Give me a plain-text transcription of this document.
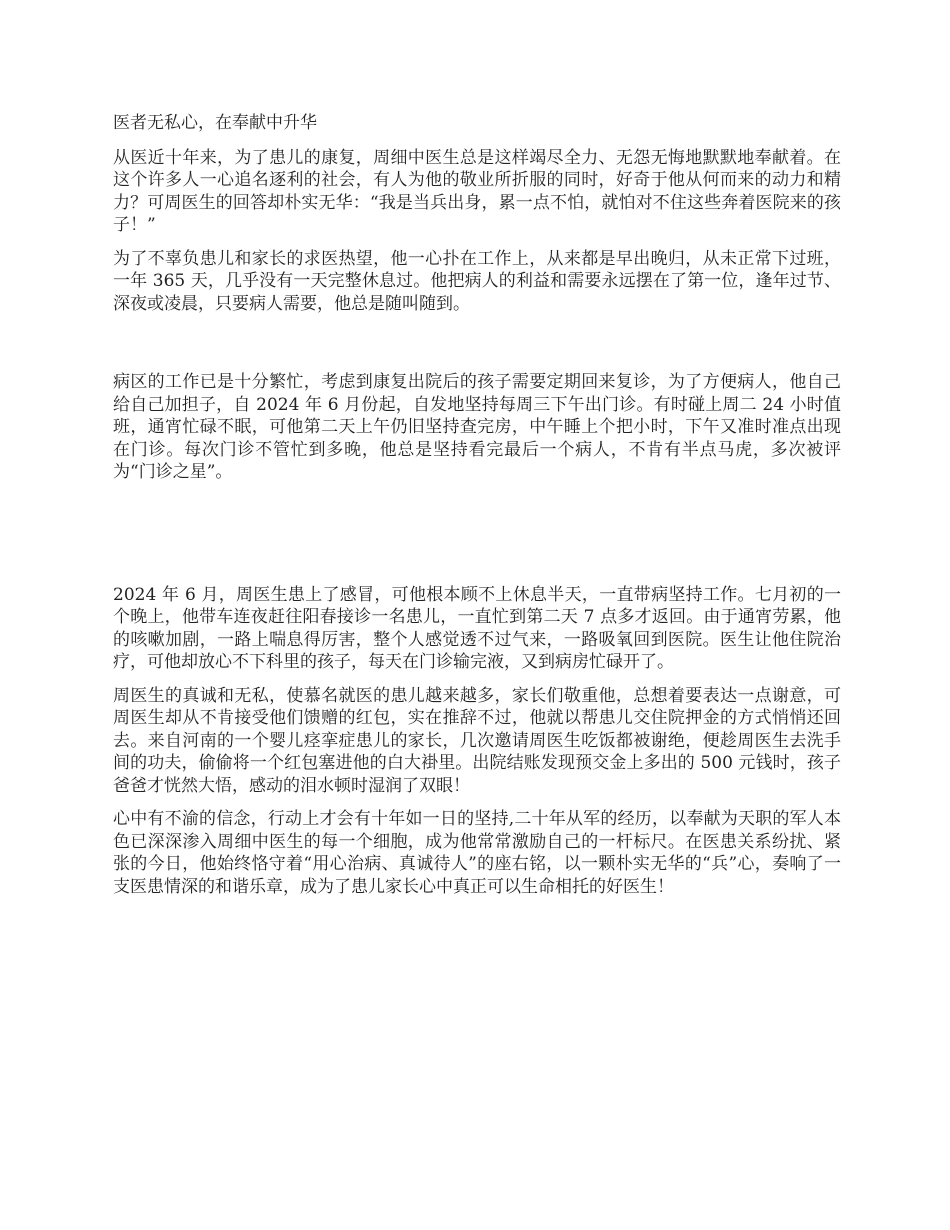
医者无私心，在奉献中升华

从医近十年来，为了患儿的康复，周细中医生总是这样竭尽全力、无怨无悔地默默地奉献着。在这个许多人一心追名逐利的社会，有人为他的敬业所折服的同时，好奇于他从何而来的动力和精力？可周医生的回答却朴实无华：“我是当兵出身，累一点不怕，就怕对不住这些奔着医院来的孩子！”

为了不辜负患儿和家长的求医热望，他一心扑在工作上，从来都是早出晚归，从未正常下过班，一年 365 天，几乎没有一天完整休息过。他把病人的利益和需要永远摆在了第一位，逢年过节、深夜或凌晨，只要病人需要，他总是随叫随到。

病区的工作已是十分繁忙，考虑到康复出院后的孩子需要定期回来复诊，为了方便病人，他自己给自己加担子，自 2024 年 6 月份起，自发地坚持每周三下午出门诊。有时碰上周二 24 小时值班，通宵忙碌不眠，可他第二天上午仍旧坚持查完房，中午睡上个把小时，下午又准时准点出现在门诊。每次门诊不管忙到多晚，他总是坚持看完最后一个病人，不肯有半点马虎，多次被评为“门诊之星”。

2024 年 6 月，周医生患上了感冒，可他根本顾不上休息半天，一直带病坚持工作。七月初的一个晚上，他带车连夜赶往阳春接诊一名患儿，一直忙到第二天 7 点多才返回。由于通宵劳累，他的咳嗽加剧，一路上喘息得厉害，整个人感觉透不过气来，一路吸氧回到医院。医生让他住院治疗，可他却放心不下科里的孩子，每天在门诊输完液，又到病房忙碌开了。

周医生的真诚和无私，使慕名就医的患儿越来越多，家长们敬重他，总想着要表达一点谢意，可周医生却从不肯接受他们馈赠的红包，实在推辞不过，他就以帮患儿交住院押金的方式悄悄还回去。来自河南的一个婴儿痉挛症患儿的家长，几次邀请周医生吃饭都被谢绝，便趁周医生去洗手间的功夫，偷偷将一个红包塞进他的白大褂里。出院结账发现预交金上多出的 500 元钱时，孩子爸爸才恍然大悟，感动的泪水顿时湿润了双眼！

心中有不渝的信念，行动上才会有十年如一日的坚持,二十年从军的经历，以奉献为天职的军人本色已深深渗入周细中医生的每一个细胞，成为他常常激励自己的一杆标尺。在医患关系纷扰、紧张的今日，他始终恪守着“用心治病、真诚待人”的座右铭，以一颗朴实无华的“兵”心，奏响了一支医患情深的和谐乐章，成为了患儿家长心中真正可以生命相托的好医生！
